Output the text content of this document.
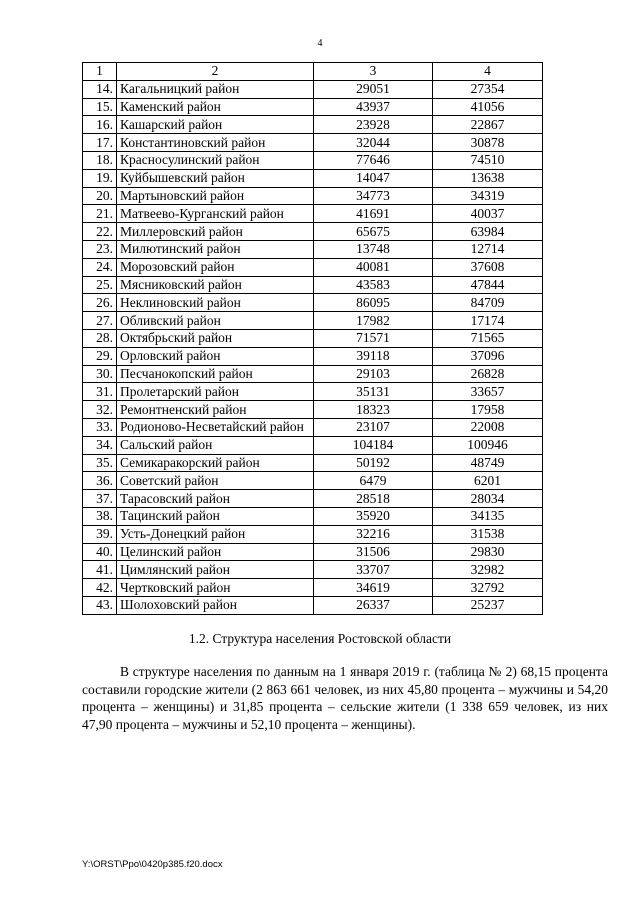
4
1	2	3	4
14.	Кагальницкий район	29051	27354
15.	Каменский район	43937	41056
16.	Кашарский район	23928	22867
17.	Константиновский район	32044	30878
18.	Красносулинский район	77646	74510
19.	Куйбышевский район	14047	13638
20.	Мартыновский район	34773	34319
21.	Матвеево-Курганский район	41691	40037
22.	Миллеровский район	65675	63984
23.	Милютинский район	13748	12714
24.	Морозовский район	40081	37608
25.	Мясниковский район	43583	47844
26.	Неклиновский район	86095	84709
27.	Обливский район	17982	17174
28.	Октябрьский район	71571	71565
29.	Орловский район	39118	37096
30.	Песчанокопский район	29103	26828
31.	Пролетарский район	35131	33657
32.	Ремонтненский район	18323	17958
33.	Родионово-Несветайский район	23107	22008
34.	Сальский район	104184	100946
35.	Семикаракорский район	50192	48749
36.	Советский район	6479	6201
37.	Тарасовский район	28518	28034
38.	Тацинский район	35920	34135
39.	Усть-Донецкий район	32216	31538
40.	Целинский район	31506	29830
41.	Цимлянский район	33707	32982
42.	Чертковский район	34619	32792
43.	Шолоховский район	26337	25237
1.2. Структура населения Ростовской области

В структуре населения по данным на 1 января 2019 г. (таблица № 2) 68,15 процента составили городские жители (2 863 661 человек, из них 45,80 процента – мужчины и 54,20 процента – женщины) и 31,85 процента – сельские жители (1 338 659 человек, из них 47,90 процента – мужчины и 52,10 процента – женщины).

Y:\ORST\Ppo\0420p385.f20.docx
